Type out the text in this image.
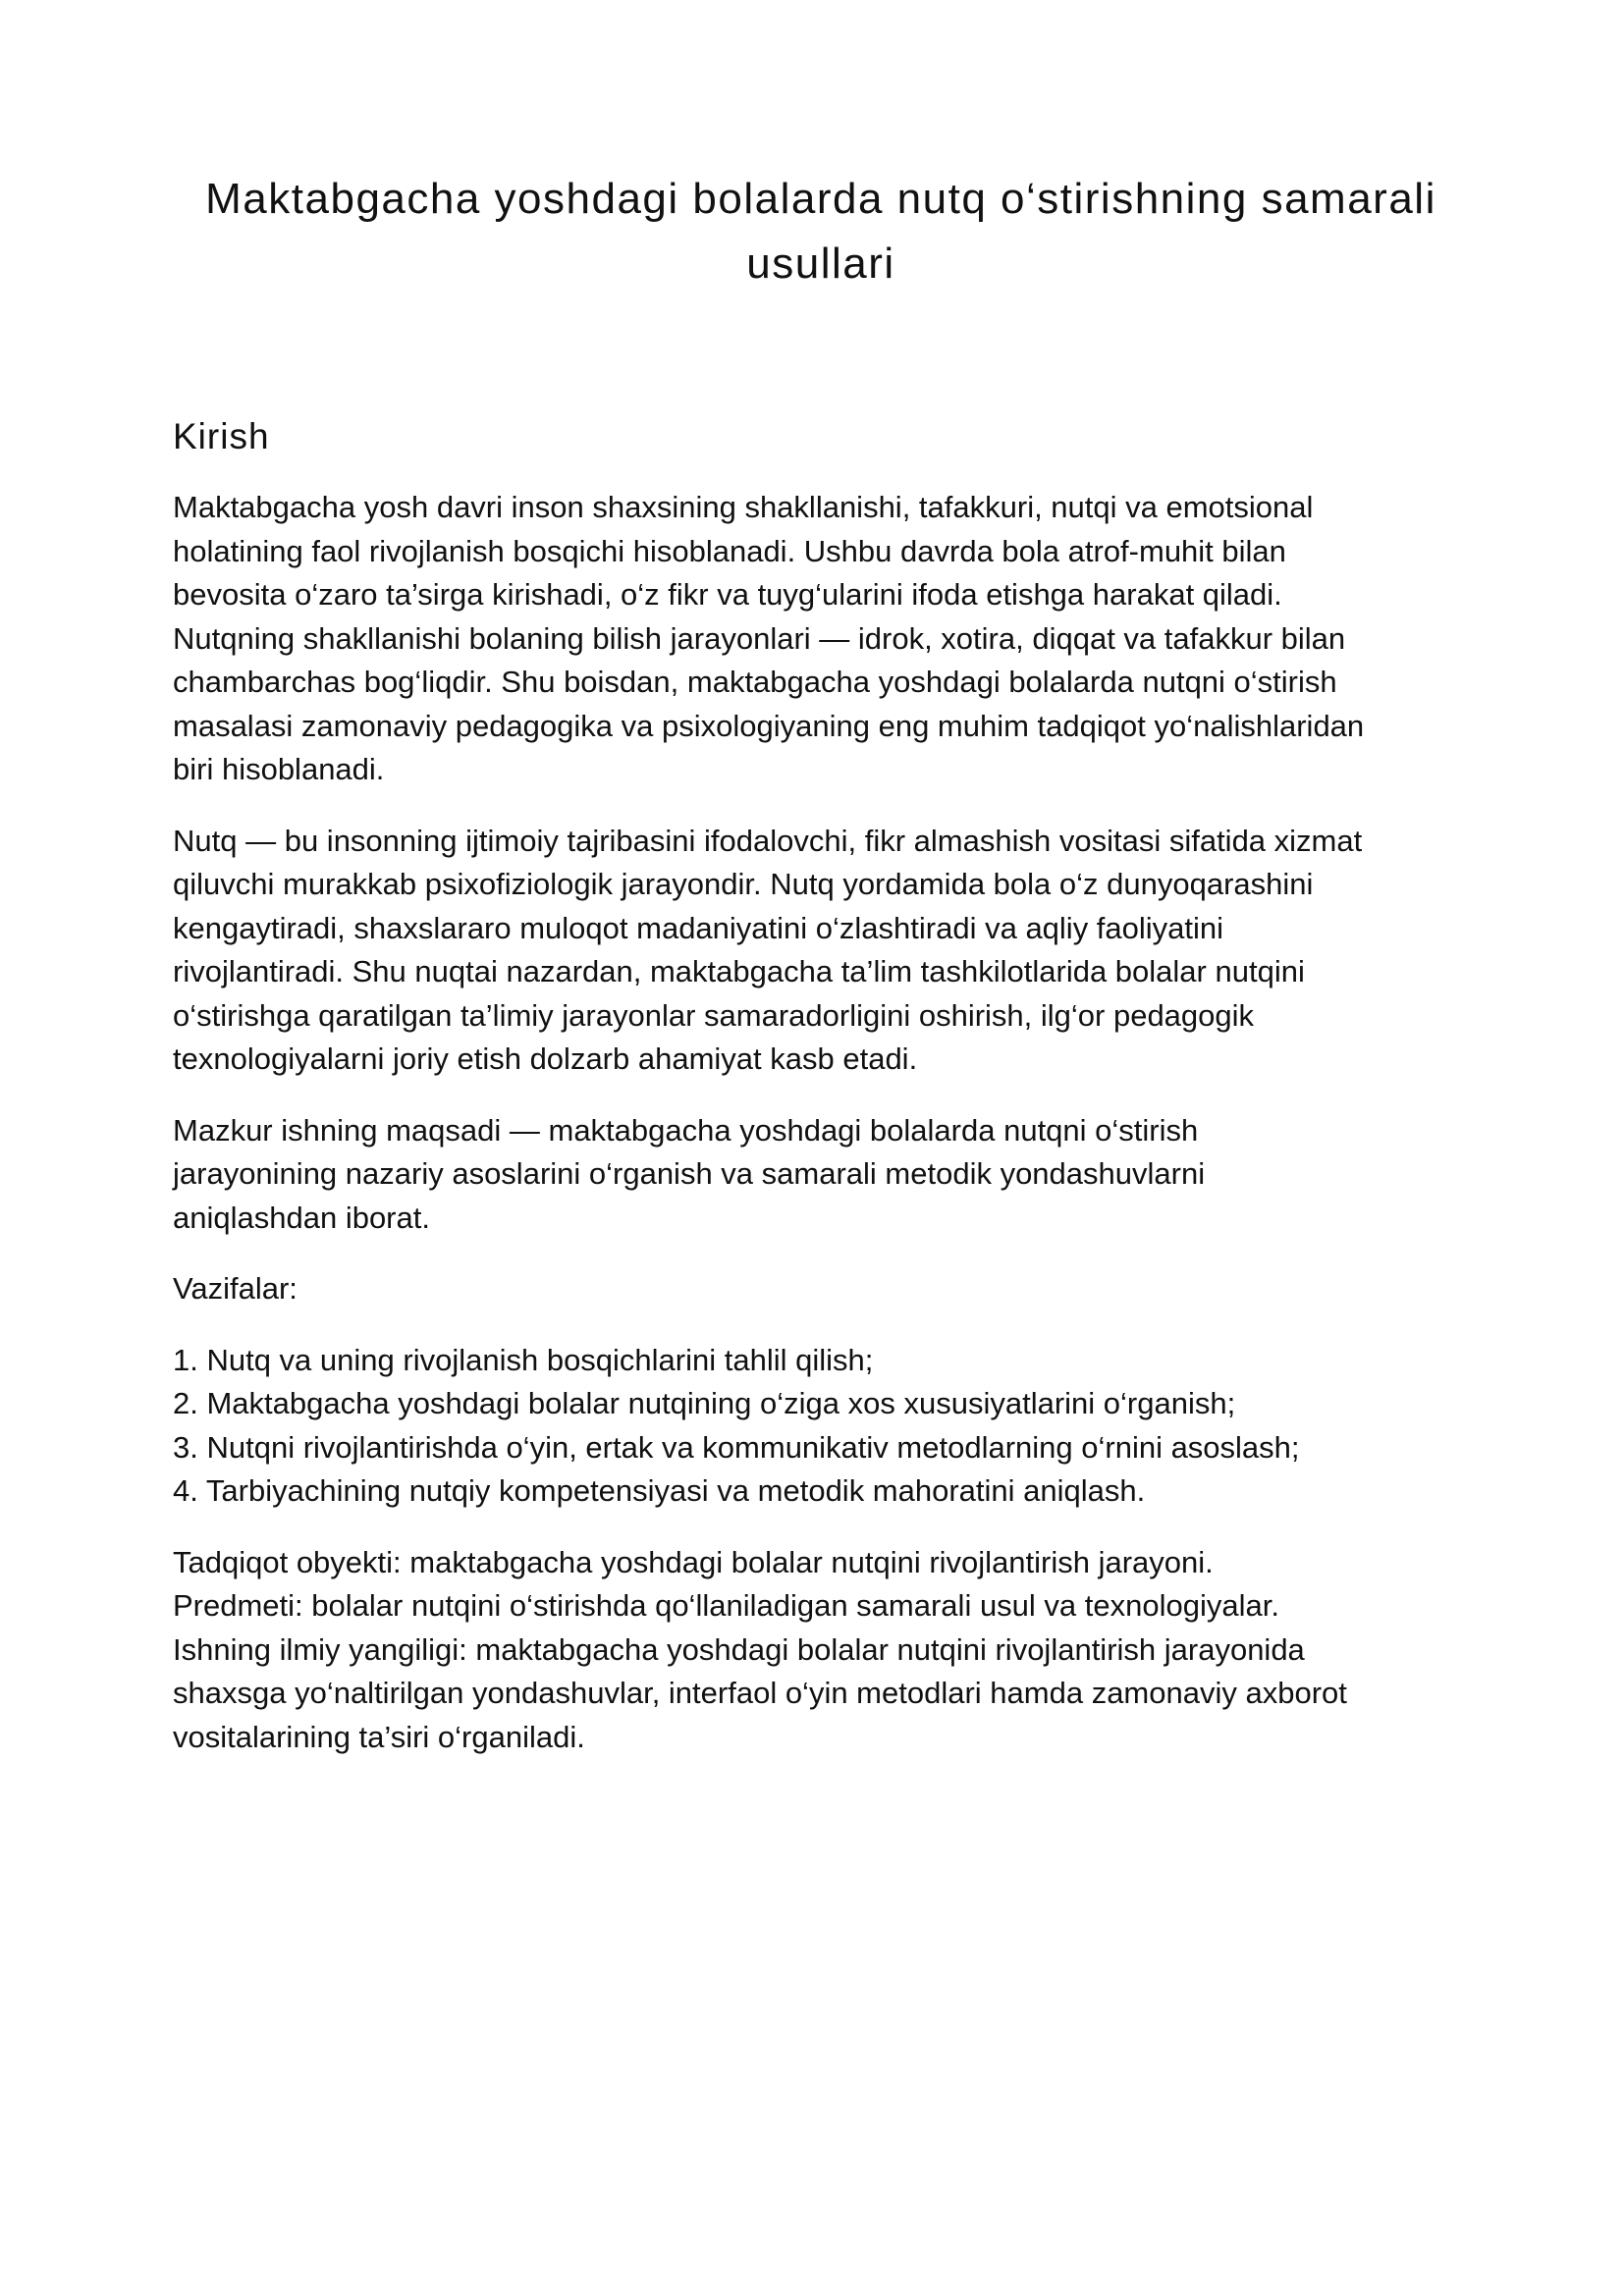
Maktabgacha yoshdagi bolalarda nutq o‘stirishning samarali
usullari
Kirish

Maktabgacha yosh davri inson shaxsining shakllanishi, tafakkuri, nutqi va emotsional
holatining faol rivojlanish bosqichi hisoblanadi. Ushbu davrda bola atrof-muhit bilan
bevosita o‘zaro ta’sirga kirishadi, o‘z fikr va tuyg‘ularini ifoda etishga harakat qiladi.
Nutqning shakllanishi bolaning bilish jarayonlari — idrok, xotira, diqqat va tafakkur bilan
chambarchas bog‘liqdir. Shu boisdan, maktabgacha yoshdagi bolalarda nutqni o‘stirish
masalasi zamonaviy pedagogika va psixologiyaning eng muhim tadqiqot yo‘nalishlaridan
biri hisoblanadi.

Nutq — bu insonning ijtimoiy tajribasini ifodalovchi, fikr almashish vositasi sifatida xizmat
qiluvchi murakkab psixofiziologik jarayondir. Nutq yordamida bola o‘z dunyoqarashini
kengaytiradi, shaxslararo muloqot madaniyatini o‘zlashtiradi va aqliy faoliyatini
rivojlantiradi. Shu nuqtai nazardan, maktabgacha ta’lim tashkilotlarida bolalar nutqini
o‘stirishga qaratilgan ta’limiy jarayonlar samaradorligini oshirish, ilg‘or pedagogik
texnologiyalarni joriy etish dolzarb ahamiyat kasb etadi.

Mazkur ishning maqsadi — maktabgacha yoshdagi bolalarda nutqni o‘stirish
jarayonining nazariy asoslarini o‘rganish va samarali metodik yondashuvlarni
aniqlashdan iborat.

Vazifalar:

1. Nutq va uning rivojlanish bosqichlarini tahlil qilish;
2. Maktabgacha yoshdagi bolalar nutqining o‘ziga xos xususiyatlarini o‘rganish;
3. Nutqni rivojlantirishda o‘yin, ertak va kommunikativ metodlarning o‘rnini asoslash;
4. Tarbiyachining nutqiy kompetensiyasi va metodik mahoratini aniqlash.

Tadqiqot obyekti: maktabgacha yoshdagi bolalar nutqini rivojlantirish jarayoni.
Predmeti: bolalar nutqini o‘stirishda qo‘llaniladigan samarali usul va texnologiyalar.
Ishning ilmiy yangiligi: maktabgacha yoshdagi bolalar nutqini rivojlantirish jarayonida
shaxsga yo‘naltirilgan yondashuvlar, interfaol o‘yin metodlari hamda zamonaviy axborot
vositalarining ta’siri o‘rganiladi.
